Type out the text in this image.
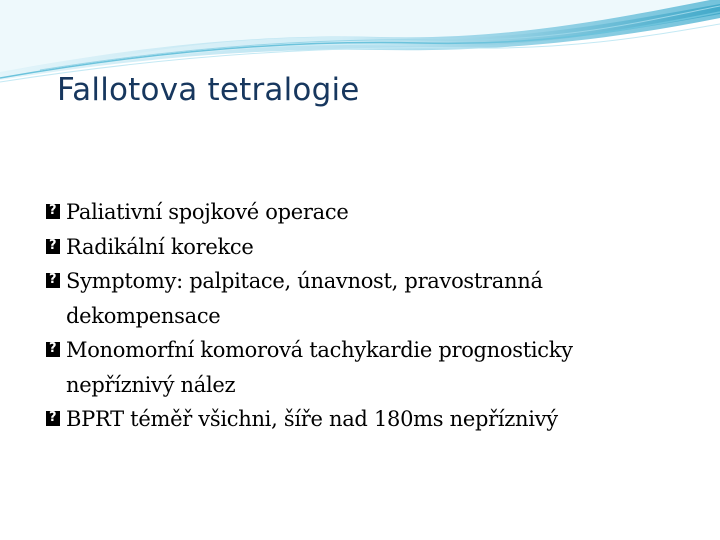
Fallotova tetralogie
?
Paliativní spojkové operace
?
Radikální korekce
?
Symptomy: palpitace, únavnost, pravostranná dekompensace
?
Monomorfní komorová tachykardie prognosticky nepříznivý nález
?
BPRT téměř všichni, šíře nad 180ms nepříznivý
